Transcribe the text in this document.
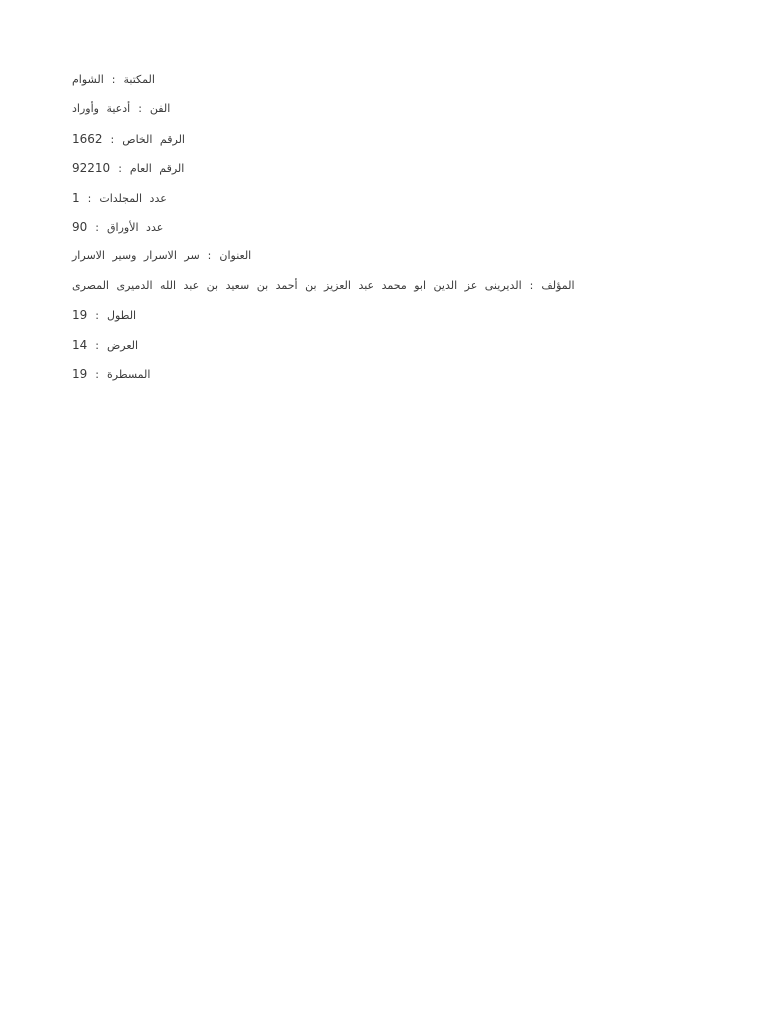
المكتبة:الشوام
الفن:أدعية وأوراد
الرقم الخاص:1662
الرقم العام:92210
عدد المجلدات:1
عدد الأوراق:90
العنوان:سر الاسرار وسير الاسرار
المؤلف:الديرينى عز الدين ابو محمد عبد العزيز بن أحمد بن سعيد بن عبد الله الدميرى المصرى
الطول:19
العرض:14
المسطرة:19
